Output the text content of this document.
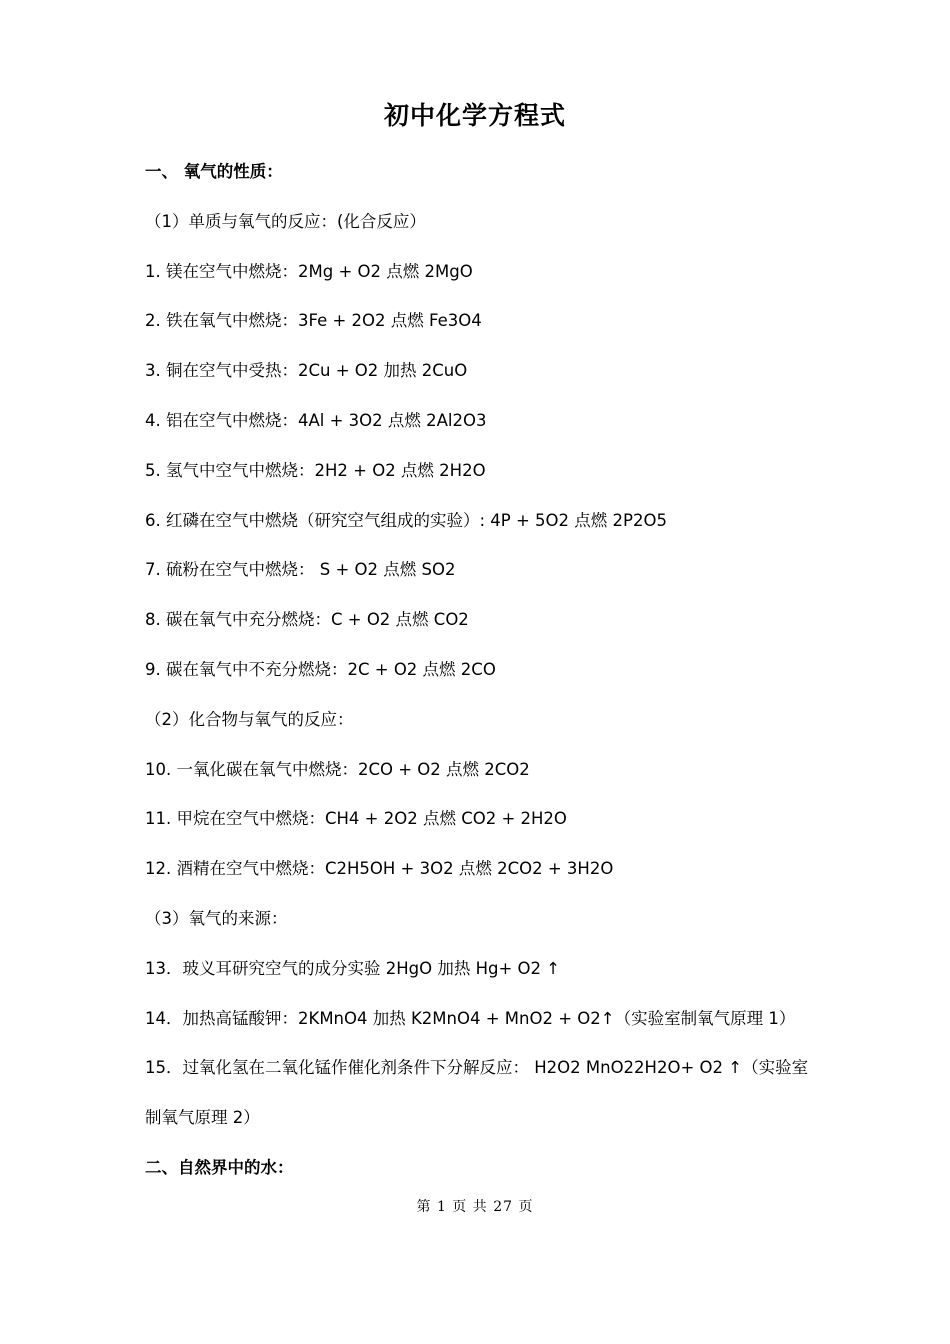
初中化学方程式
一、 氧气的性质：
（1）单质与氧气的反应：(化合反应）
1. 镁在空气中燃烧：2Mg + O2 点燃 2MgO
2. 铁在氧气中燃烧：3Fe + 2O2 点燃 Fe3O4
3. 铜在空气中受热：2Cu + O2 加热 2CuO
4. 铝在空气中燃烧：4Al + 3O2 点燃 2Al2O3
5. 氢气中空气中燃烧：2H2 + O2 点燃 2H2O
6. 红磷在空气中燃烧（研究空气组成的实验）: 4P + 5O2 点燃 2P2O5
7. 硫粉在空气中燃烧： S + O2 点燃 SO2
8. 碳在氧气中充分燃烧：C + O2 点燃 CO2
9. 碳在氧气中不充分燃烧：2C + O2 点燃 2CO
（2）化合物与氧气的反应：
10. 一氧化碳在氧气中燃烧：2CO + O2 点燃 2CO2
11. 甲烷在空气中燃烧：CH4 + 2O2 点燃 CO2 + 2H2O
12. 酒精在空气中燃烧：C2H5OH + 3O2 点燃 2CO2 + 3H2O
（3）氧气的来源：
13．玻义耳研究空气的成分实验 2HgO 加热 Hg+ O2 ↑
14．加热高锰酸钾：2KMnO4 加热 K2MnO4 + MnO2 + O2↑（实验室制氧气原理 1）
15．过氧化氢在二氧化锰作催化剂条件下分解反应： H2O2 MnO22H2O+ O2 ↑（实验室
制氧气原理 2）
二、自然界中的水：
第 1 页 共 27 页
